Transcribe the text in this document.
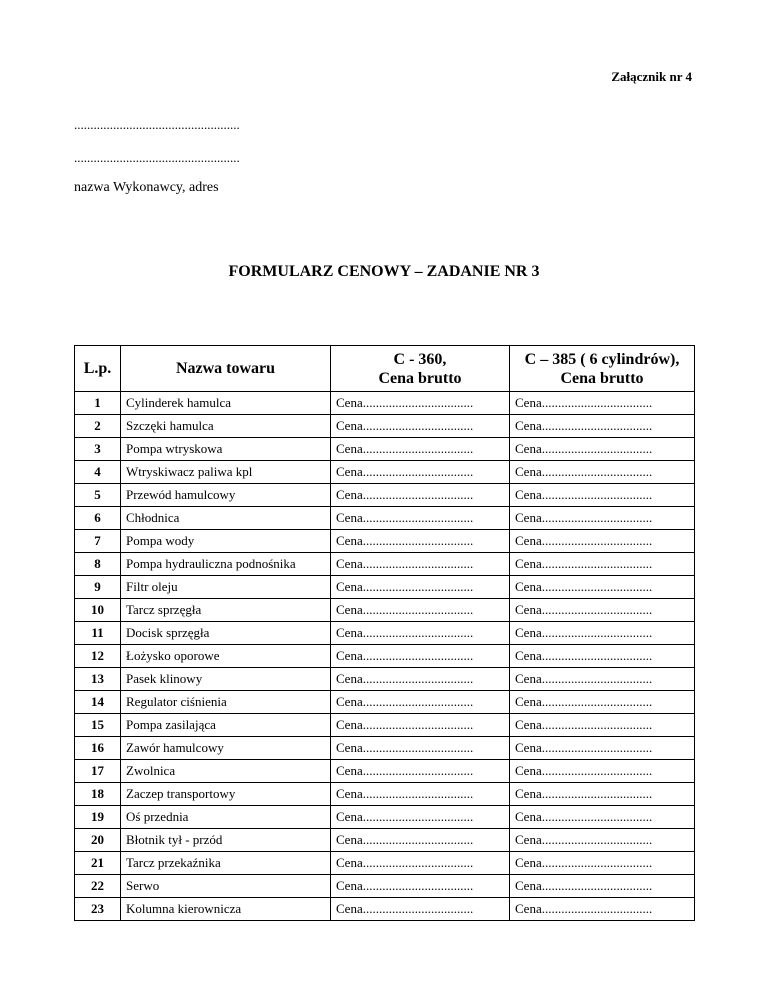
Załącznik nr 4
...................................................
...................................................
nazwa Wykonawcy, adres
FORMULARZ CENOWY – ZADANIE NR 3
L.p.	Nazwa towaru	C - 360,
Cena brutto	C – 385 ( 6 cylindrów),
Cena brutto
1	Cylinderek hamulca	Cena..................................	Cena..................................
2	Szczęki hamulca	Cena..................................	Cena..................................
3	Pompa wtryskowa	Cena..................................	Cena..................................
4	Wtryskiwacz paliwa kpl	Cena..................................	Cena..................................
5	Przewód hamulcowy	Cena..................................	Cena..................................
6	Chłodnica	Cena..................................	Cena..................................
7	Pompa wody	Cena..................................	Cena..................................
8	Pompa hydrauliczna podnośnika	Cena..................................	Cena..................................
9	Filtr oleju	Cena..................................	Cena..................................
10	Tarcz sprzęgła	Cena..................................	Cena..................................
11	Docisk sprzęgła	Cena..................................	Cena..................................
12	Łożysko oporowe	Cena..................................	Cena..................................
13	Pasek klinowy	Cena..................................	Cena..................................
14	Regulator ciśnienia	Cena..................................	Cena..................................
15	Pompa zasilająca	Cena..................................	Cena..................................
16	Zawór hamulcowy	Cena..................................	Cena..................................
17	Zwolnica	Cena..................................	Cena..................................
18	Zaczep transportowy	Cena..................................	Cena..................................
19	Oś przednia	Cena..................................	Cena..................................
20	Błotnik tył - przód	Cena..................................	Cena..................................
21	Tarcz przekaźnika	Cena..................................	Cena..................................
22	Serwo	Cena..................................	Cena..................................
23	Kolumna kierownicza	Cena..................................	Cena..................................
